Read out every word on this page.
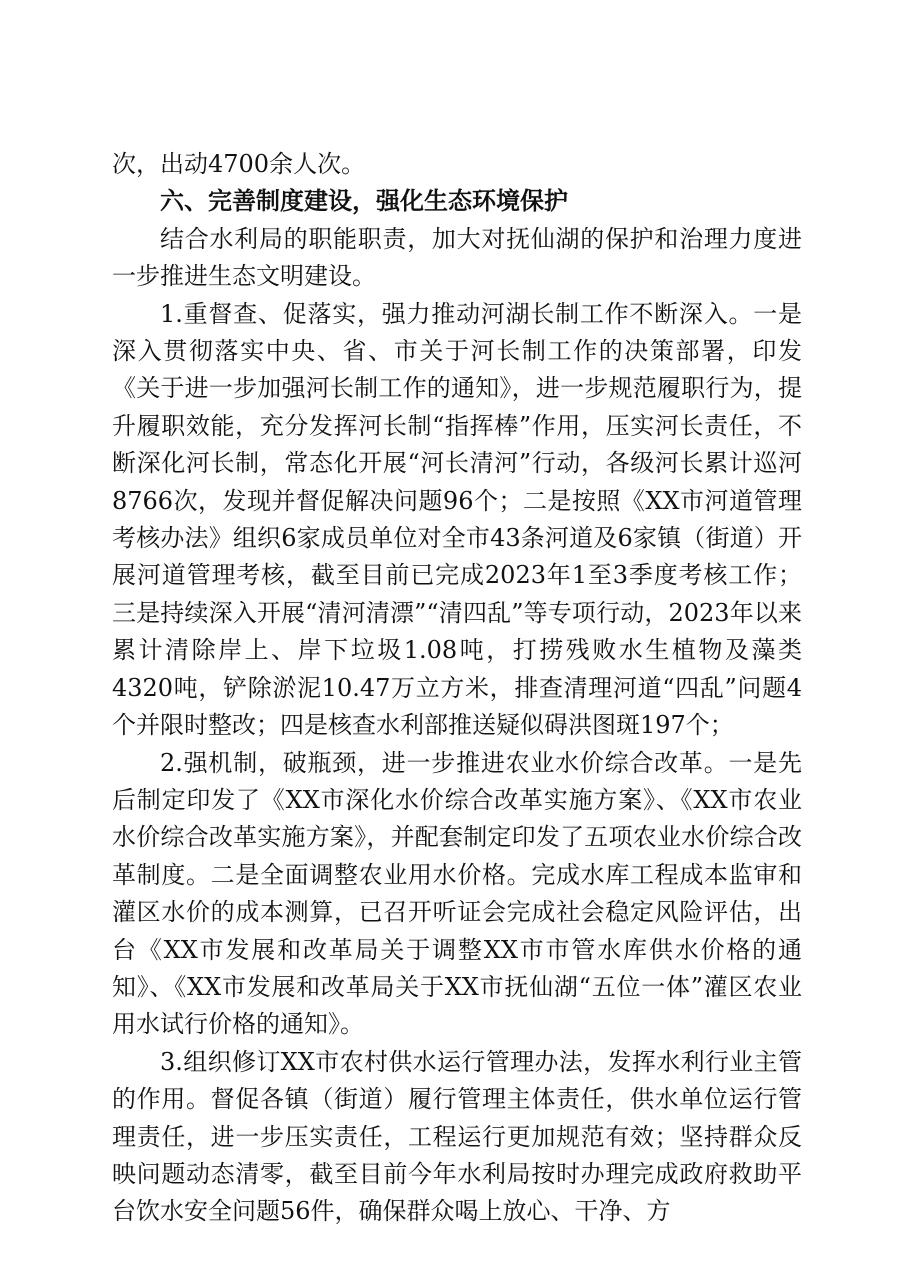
次，出动4700余人次。

六、完善制度建设，强化生态环境保护

结合水利局的职能职责，加大对抚仙湖的保护和治理力度进一步推进生态文明建设。

1.重督查、促落实，强力推动河湖长制工作不断深入。一是深入贯彻落实中央、省、市关于河长制工作的决策部署，印发《关于进一步加强河长制工作的通知》，进一步规范履职行为，提升履职效能，充分发挥河长制“指挥棒”作用，压实河长责任，不断深化河长制，常态化开展“河长清河”行动，各级河长累计巡河8766次，发现并督促解决问题96个；二是按照《XX市河道管理考核办法》组织6家成员单位对全市43条河道及6家镇（街道）开展河道管理考核，截至目前已完成2023年1至3季度考核工作；三是持续深入开展“清河清漂”“清四乱”等专项行动，2023年以来累计清除岸上、岸下垃圾1.08吨，打捞残败水生植物及藻类4320吨，铲除淤泥10.47万立方米，排查清理河道“四乱”问题4个并限时整改；四是核查水利部推送疑似碍洪图斑197个；

2.强机制，破瓶颈，进一步推进农业水价综合改革。一是先后制定印发了《XX市深化水价综合改革实施方案》、《XX市农业水价综合改革实施方案》，并配套制定印发了五项农业水价综合改革制度。二是全面调整农业用水价格。完成水库工程成本监审和灌区水价的成本测算，已召开听证会完成社会稳定风险评估，出台《XX市发展和改革局关于调整XX市市管水库供水价格的通知》、《XX市发展和改革局关于XX市抚仙湖“五位一体”灌区农业用水试行价格的通知》。

3.组织修订XX市农村供水运行管理办法，发挥水利行业主管的作用。督促各镇（街道）履行管理主体责任，供水单位运行管理责任，进一步压实责任，工程运行更加规范有效；坚持群众反映问题动态清零，截至目前今年水利局按时办理完成政府救助平台饮水安全问题56件，确保群众喝上放心、干净、方
